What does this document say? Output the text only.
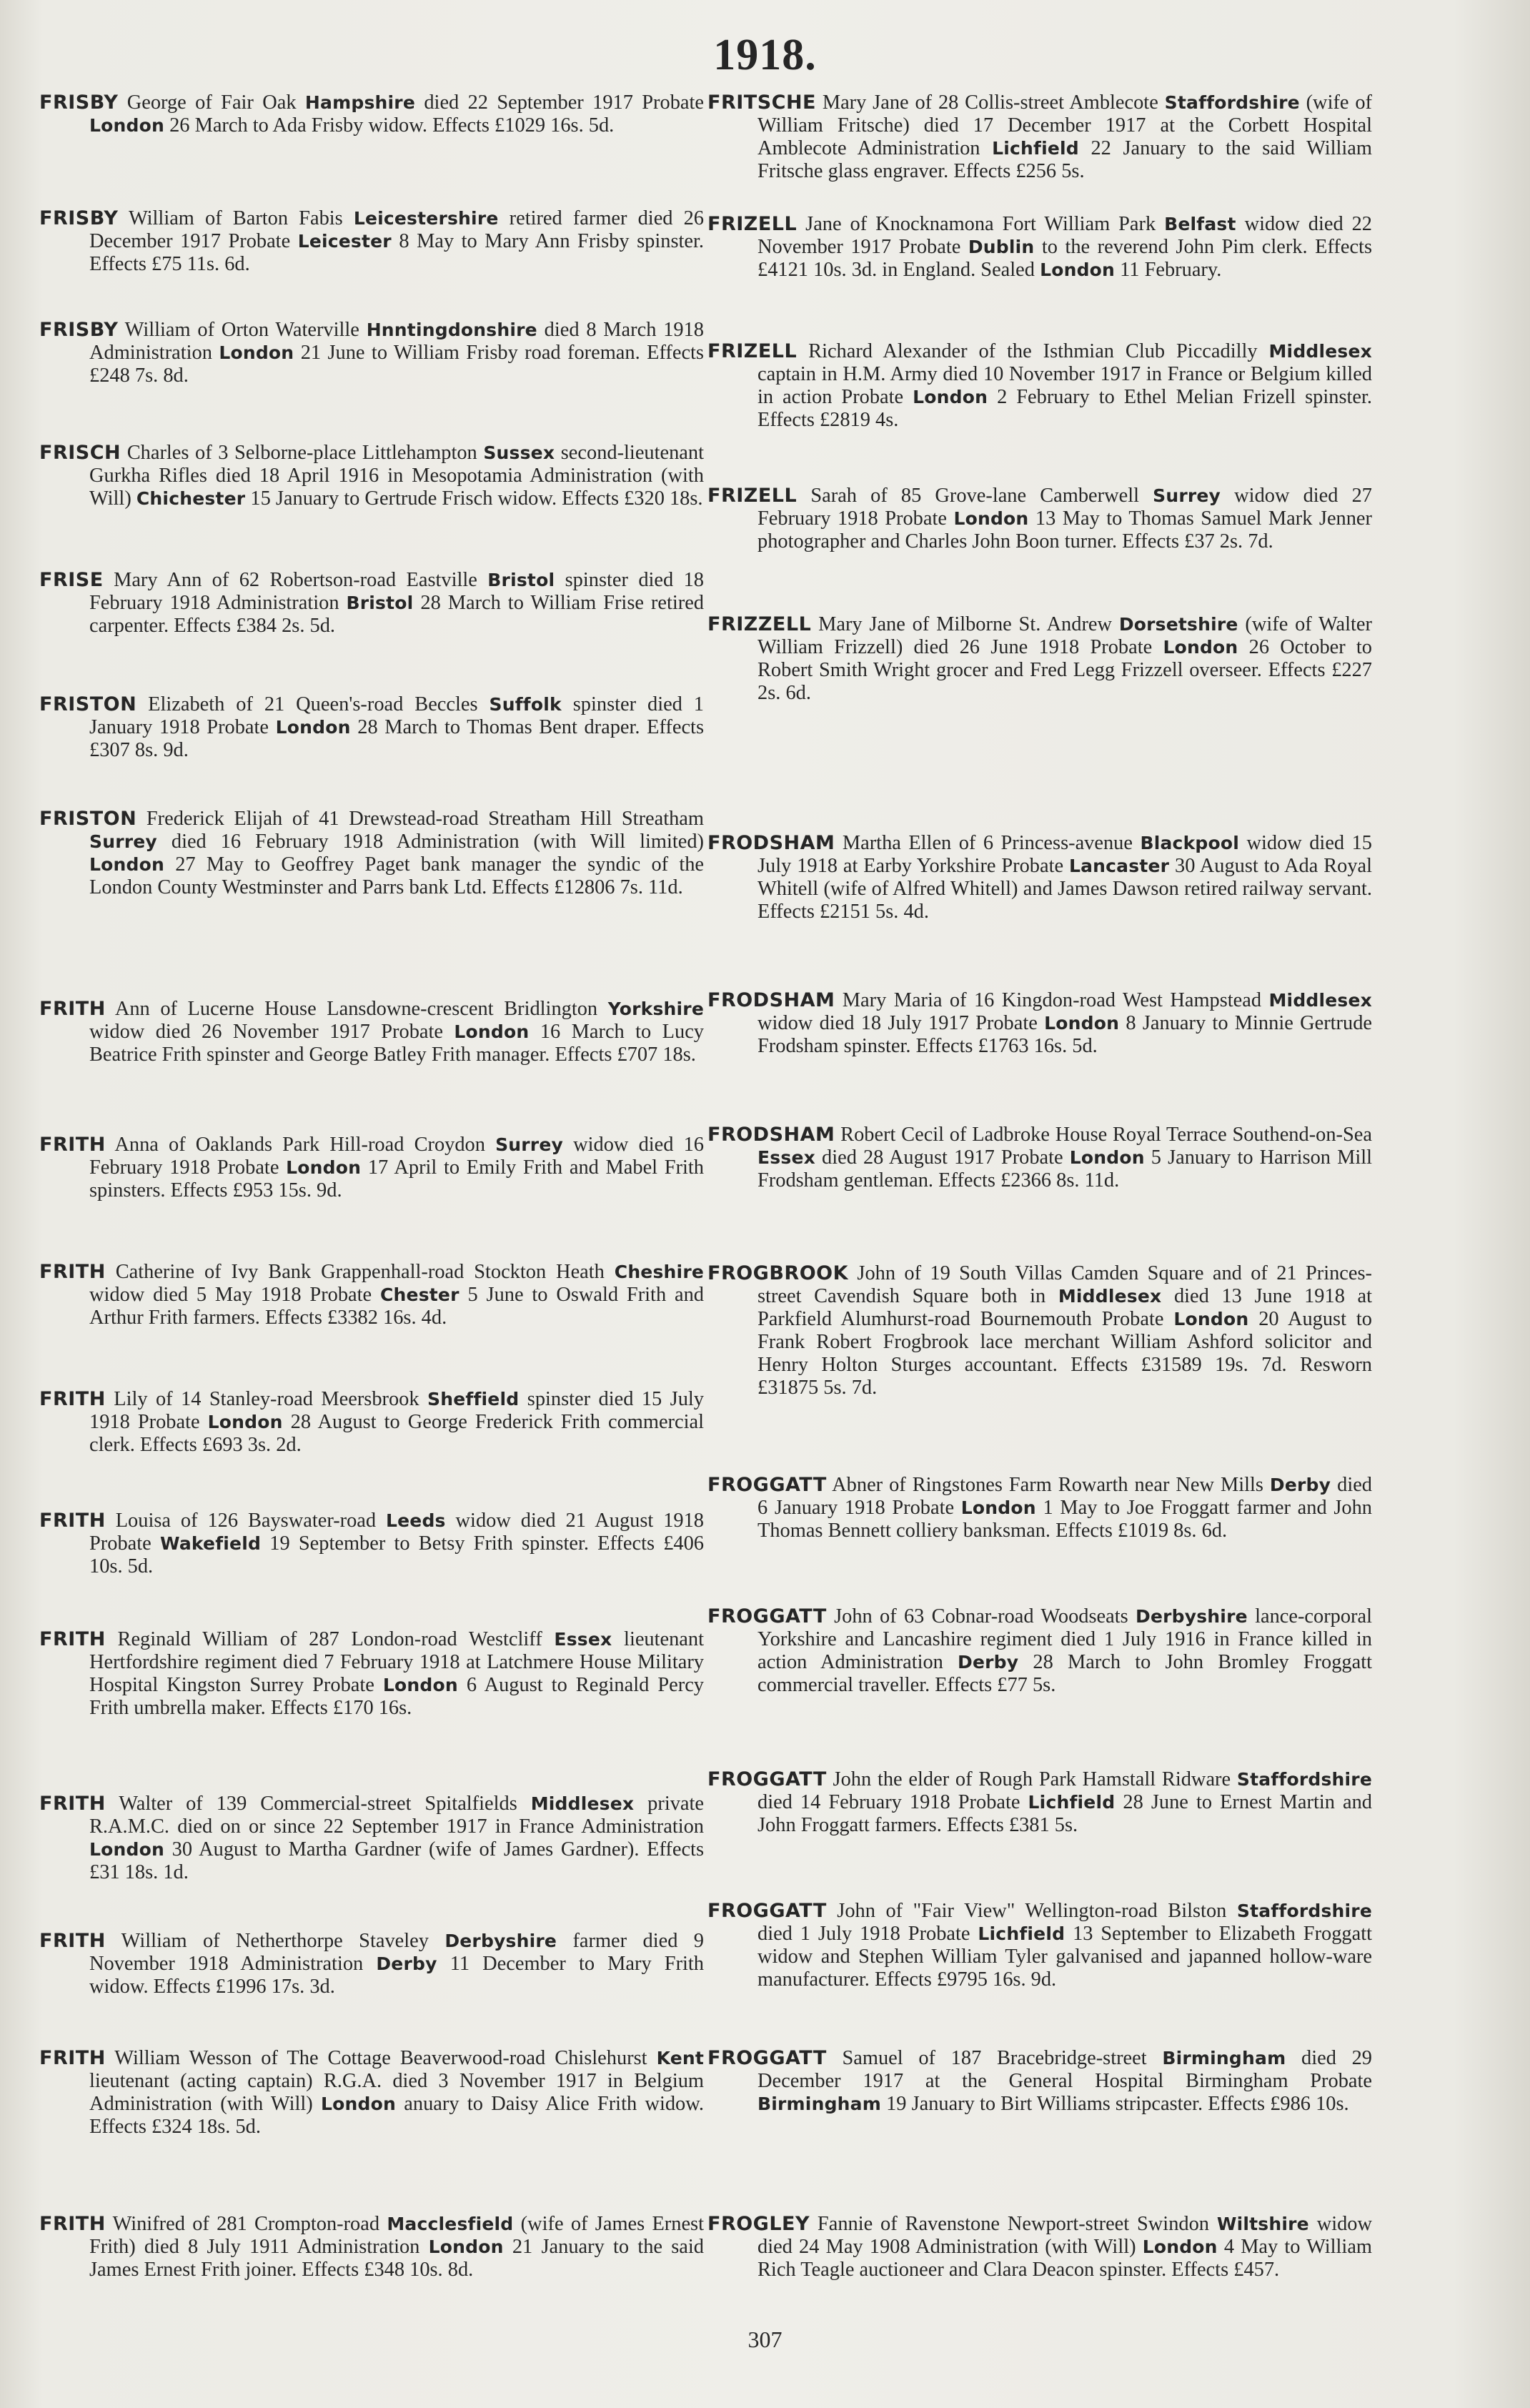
1918.

FRISBY George of Fair Oak Hampshire died 22 September 1917 Probate London 26 March to Ada Frisby widow. Effects £1029 16s. 5d.

FRISBY William of Barton Fabis Leicestershire retired farmer died 26 December 1917 Probate Leicester 8 May to Mary Ann Frisby spinster. Effects £75 11s. 6d.

FRISBY William of Orton Waterville Hnntingdonshire died 8 March 1918 Administration London 21 June to William Frisby road foreman. Effects £248 7s. 8d.

FRISCH Charles of 3 Selborne-place Littlehampton Sussex second-lieutenant Gurkha Rifles died 18 April 1916 in Mesopotamia Administration (with Will) Chichester 15 January to Gertrude Frisch widow. Effects £320 18s.

FRISE Mary Ann of 62 Robertson-road Eastville Bristol spinster died 18 February 1918 Administration Bristol 28 March to William Frise retired carpenter. Effects £384 2s. 5d.

FRISTON Elizabeth of 21 Queen's-road Beccles Suffolk spinster died 1 January 1918 Probate London 28 March to Thomas Bent draper. Effects £307 8s. 9d.

FRISTON Frederick Elijah of 41 Drewstead-road Streatham Hill Streatham Surrey died 16 February 1918 Administration (with Will limited) London 27 May to Geoffrey Paget bank manager the syndic of the London County Westminster and Parrs bank Ltd. Effects £12806 7s. 11d.

FRITH Ann of Lucerne House Lansdowne-crescent Bridlington Yorkshire widow died 26 November 1917 Probate London 16 March to Lucy Beatrice Frith spinster and George Batley Frith manager. Effects £707 18s.

FRITH Anna of Oaklands Park Hill-road Croydon Surrey widow died 16 February 1918 Probate London 17 April to Emily Frith and Mabel Frith spinsters. Effects £953 15s. 9d.

FRITH Catherine of Ivy Bank Grappenhall-road Stockton Heath Cheshire widow died 5 May 1918 Probate Chester 5 June to Oswald Frith and Arthur Frith farmers. Effects £3382 16s. 4d.

FRITH Lily of 14 Stanley-road Meersbrook Sheffield spinster died 15 July 1918 Probate London 28 August to George Frederick Frith commercial clerk. Effects £693 3s. 2d.

FRITH Louisa of 126 Bayswater-road Leeds widow died 21 August 1918 Probate Wakefield 19 September to Betsy Frith spinster. Effects £406 10s. 5d.

FRITH Reginald William of 287 London-road Westcliff Essex lieutenant Hertfordshire regiment died 7 February 1918 at Latchmere House Military Hospital Kingston Surrey Probate London 6 August to Reginald Percy Frith umbrella maker. Effects £170 16s.

FRITH Walter of 139 Commercial-street Spitalfields Middlesex private R.A.M.C. died on or since 22 September 1917 in France Administration London 30 August to Martha Gardner (wife of James Gardner). Effects £31 18s. 1d.

FRITH William of Netherthorpe Staveley Derbyshire farmer died 9 November 1918 Administration Derby 11 December to Mary Frith widow. Effects £1996 17s. 3d.

FRITH William Wesson of The Cottage Beaverwood-road Chislehurst Kent lieutenant (acting captain) R.G.A. died 3 November 1917 in Belgium Administration (with Will) London anuary to Daisy Alice Frith widow. Effects £324 18s. 5d.

FRITH Winifred of 281 Crompton-road Macclesfield (wife of James Ernest Frith) died 8 July 1911 Administration London 21 January to the said James Ernest Frith joiner. Effects £348 10s. 8d.

FRITSCHE Mary Jane of 28 Collis-street Amblecote Staffordshire (wife of William Fritsche) died 17 December 1917 at the Corbett Hospital Amblecote Administration Lichfield 22 January to the said William Fritsche glass engraver. Effects £256 5s.

FRIZELL Jane of Knocknamona Fort William Park Belfast widow died 22 November 1917 Probate Dublin to the reverend John Pim clerk. Effects £4121 10s. 3d. in England. Sealed London 11 February.

FRIZELL Richard Alexander of the Isthmian Club Piccadilly Middlesex captain in H.M. Army died 10 November 1917 in France or Belgium killed in action Probate London 2 February to Ethel Melian Frizell spinster. Effects £2819 4s.

FRIZELL Sarah of 85 Grove-lane Camberwell Surrey widow died 27 February 1918 Probate London 13 May to Thomas Samuel Mark Jenner photographer and Charles John Boon turner. Effects £37 2s. 7d.

FRIZZELL Mary Jane of Milborne St. Andrew Dorsetshire (wife of Walter William Frizzell) died 26 June 1918 Probate London 26 October to Robert Smith Wright grocer and Fred Legg Frizzell overseer. Effects £227 2s. 6d.

FRODSHAM Martha Ellen of 6 Princess-avenue Blackpool widow died 15 July 1918 at Earby Yorkshire Probate Lancaster 30 August to Ada Royal Whitell (wife of Alfred Whitell) and James Dawson retired railway servant. Effects £2151 5s. 4d.

FRODSHAM Mary Maria of 16 Kingdon-road West Hampstead Middlesex widow died 18 July 1917 Probate London 8 January to Minnie Gertrude Frodsham spinster. Effects £1763 16s. 5d.

FRODSHAM Robert Cecil of Ladbroke House Royal Terrace Southend-on-Sea Essex died 28 August 1917 Probate London 5 January to Harrison Mill Frodsham gentleman. Effects £2366 8s. 11d.

FROGBROOK John of 19 South Villas Camden Square and of 21 Princes-street Cavendish Square both in Middlesex died 13 June 1918 at Parkfield Alumhurst-road Bournemouth Probate London 20 August to Frank Robert Frogbrook lace merchant William Ashford solicitor and Henry Holton Sturges accountant. Effects £31589 19s. 7d. Resworn £31875 5s. 7d.

FROGGATT Abner of Ringstones Farm Rowarth near New Mills Derby died 6 January 1918 Probate London 1 May to Joe Froggatt farmer and John Thomas Bennett colliery banksman. Effects £1019 8s. 6d.

FROGGATT John of 63 Cobnar-road Woodseats Derbyshire lance-corporal Yorkshire and Lancashire regiment died 1 July 1916 in France killed in action Administration Derby 28 March to John Bromley Froggatt commercial traveller. Effects £77 5s.

FROGGATT John the elder of Rough Park Hamstall Ridware Staffordshire died 14 February 1918 Probate Lichfield 28 June to Ernest Martin and John Froggatt farmers. Effects £381 5s.

FROGGATT John of "Fair View" Wellington-road Bilston Staffordshire died 1 July 1918 Probate Lichfield 13 September to Elizabeth Froggatt widow and Stephen William Tyler galvanised and japanned hollow-ware manufacturer. Effects £9795 16s. 9d.

FROGGATT Samuel of 187 Bracebridge-street Birmingham died 29 December 1917 at the General Hospital Birmingham Probate Birmingham 19 January to Birt Williams stripcaster. Effects £986 10s.

FROGLEY Fannie of Ravenstone Newport-street Swindon Wiltshire widow died 24 May 1908 Administration (with Will) London 4 May to William Rich Teagle auctioneer and Clara Deacon spinster. Effects £457.

307
